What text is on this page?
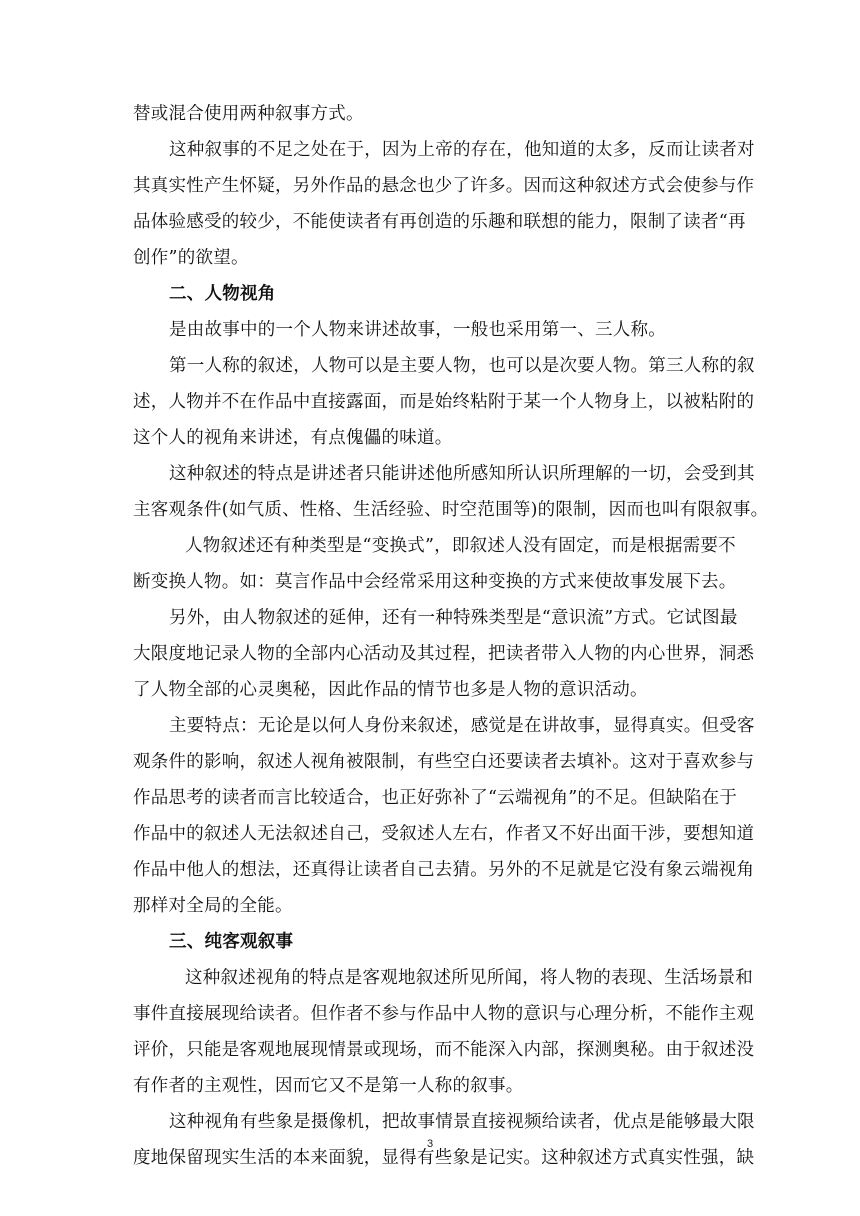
替或混合使用两种叙事方式。
这种叙事的不足之处在于，因为上帝的存在，他知道的太多，反而让读者对
其真实性产生怀疑，另外作品的悬念也少了许多。因而这种叙述方式会使参与作
品体验感受的较少，不能使读者有再创造的乐趣和联想的能力，限制了读者“再
创作”的欲望。
二、人物视角
是由故事中的一个人物来讲述故事，一般也采用第一、三人称。
第一人称的叙述，人物可以是主要人物，也可以是次要人物。第三人称的叙
述，人物并不在作品中直接露面，而是始终粘附于某一个人物身上，以被粘附的
这个人的视角来讲述，有点傀儡的味道。
这种叙述的特点是讲述者只能讲述他所感知所认识所理解的一切，会受到其
主客观条件(如气质、性格、生活经验、时空范围等)的限制，因而也叫有限叙事。
人物叙述还有种类型是“变换式”，即叙述人没有固定，而是根据需要不
断变换人物。如：莫言作品中会经常采用这种变换的方式来使故事发展下去。
另外，由人物叙述的延伸，还有一种特殊类型是“意识流”方式。它试图最
大限度地记录人物的全部内心活动及其过程，把读者带入人物的内心世界，洞悉
了人物全部的心灵奥秘，因此作品的情节也多是人物的意识活动。
主要特点：无论是以何人身份来叙述，感觉是在讲故事，显得真实。但受客
观条件的影响，叙述人视角被限制，有些空白还要读者去填补。这对于喜欢参与
作品思考的读者而言比较适合，也正好弥补了“云端视角”的不足。但缺陷在于
作品中的叙述人无法叙述自己，受叙述人左右，作者又不好出面干涉，要想知道
作品中他人的想法，还真得让读者自己去猜。另外的不足就是它没有象云端视角
那样对全局的全能。
三、纯客观叙事
这种叙述视角的特点是客观地叙述所见所闻，将人物的表现、生活场景和
事件直接展现给读者。但作者不参与作品中人物的意识与心理分析，不能作主观
评价，只能是客观地展现情景或现场，而不能深入内部，探测奥秘。由于叙述没
有作者的主观性，因而它又不是第一人称的叙事。
这种视角有些象是摄像机，把故事情景直接视频给读者，优点是能够最大限
度地保留现实生活的本来面貌，显得有些象是记实。这种叙述方式真实性强，缺
3
